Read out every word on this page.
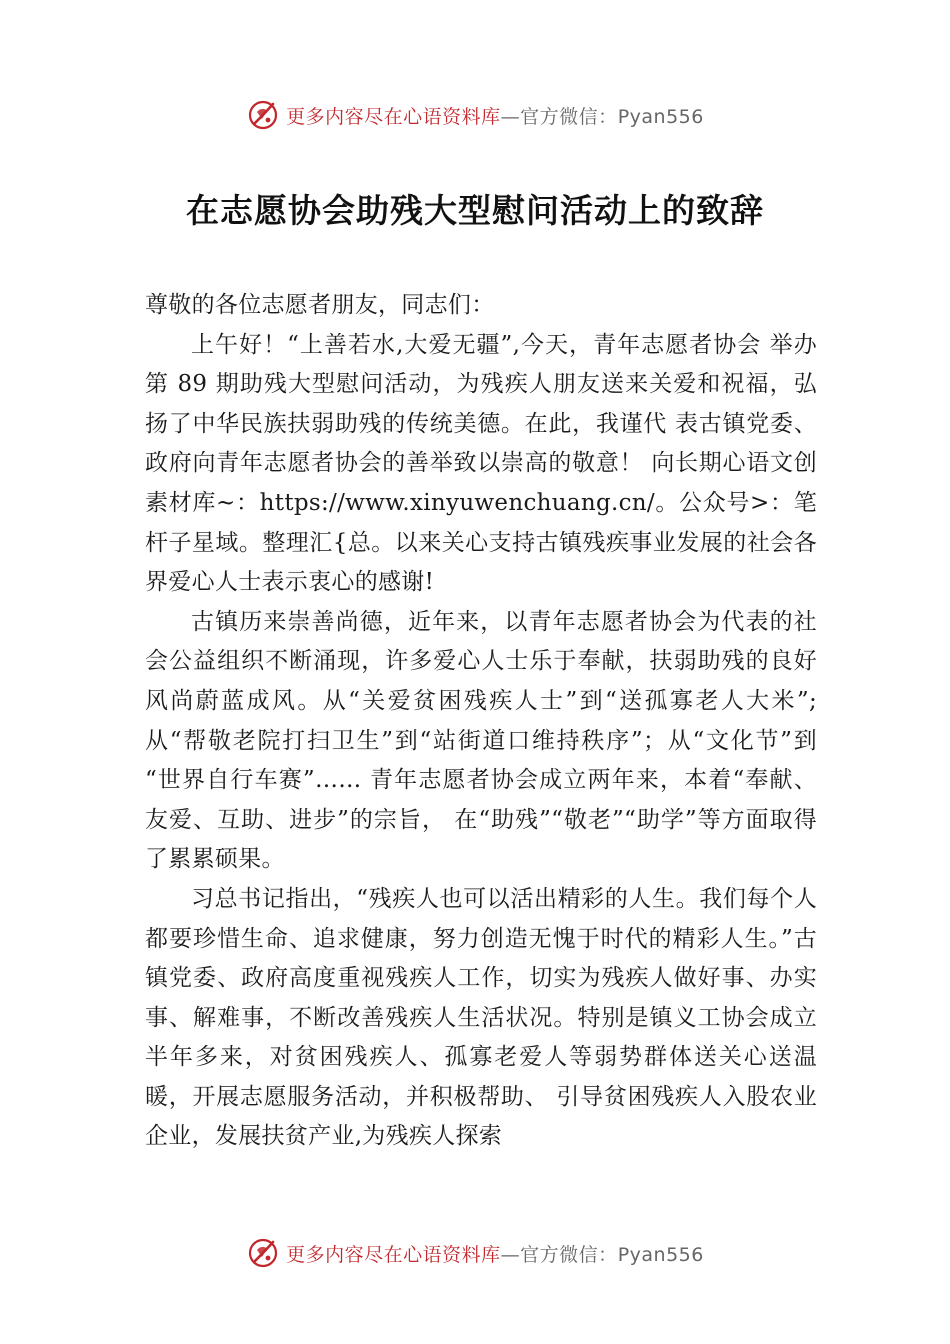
更多内容尽在心语资料库—官方微信：Pyan556
在志愿协会助残大型慰问活动上的致辞

尊敬的各位志愿者朋友，同志们：

上午好！“上善若水,大爱无疆”,今天，青年志愿者协会 举办第 89 期助残大型慰问活动，为残疾人朋友送来关爱和祝福，弘扬了中华民族扶弱助残的传统美德。在此，我谨代 表古镇党委、政府向青年志愿者协会的善举致以崇高的敬意！ 向长期心语文创素材库~：https://www.xinyuwenchuang.cn/。公众号>：笔杆子星域。整理汇{总。以来关心支持古镇残疾事业发展的社会各界爱心人士表示衷心的感谢!

古镇历来崇善尚德，近年来，以青年志愿者协会为代表的社会公益组织不断涌现，许多爱心人士乐于奉献，扶弱助残的良好风尚蔚蓝成风。从“关爱贫困残疾人士”到“送孤寡老人大米”;从“帮敬老院打扫卫生”到“站街道口维持秩序”；从“文化节”到 “世界自行车赛”…… 青年志愿者协会成立两年来，本着“奉献、友爱、互助、进步”的宗旨， 在“助残”“敬老”“助学”等方面取得了累累硕果。

习总书记指出，“残疾人也可以活出精彩的人生。我们每个人都要珍惜生命、追求健康，努力创造无愧于时代的精彩人生。”古镇党委、政府高度重视残疾人工作，切实为残疾人做好事、办实事、解难事，不断改善残疾人生活状况。特别是镇义工协会成立半年多来，对贫困残疾人、孤寡老爱人等弱势群体送关心送温暖，开展志愿服务活动，并积极帮助、 引导贫困残疾人入股农业企业，发展扶贫产业,为残疾人探索

更多内容尽在心语资料库—官方微信：Pyan556
